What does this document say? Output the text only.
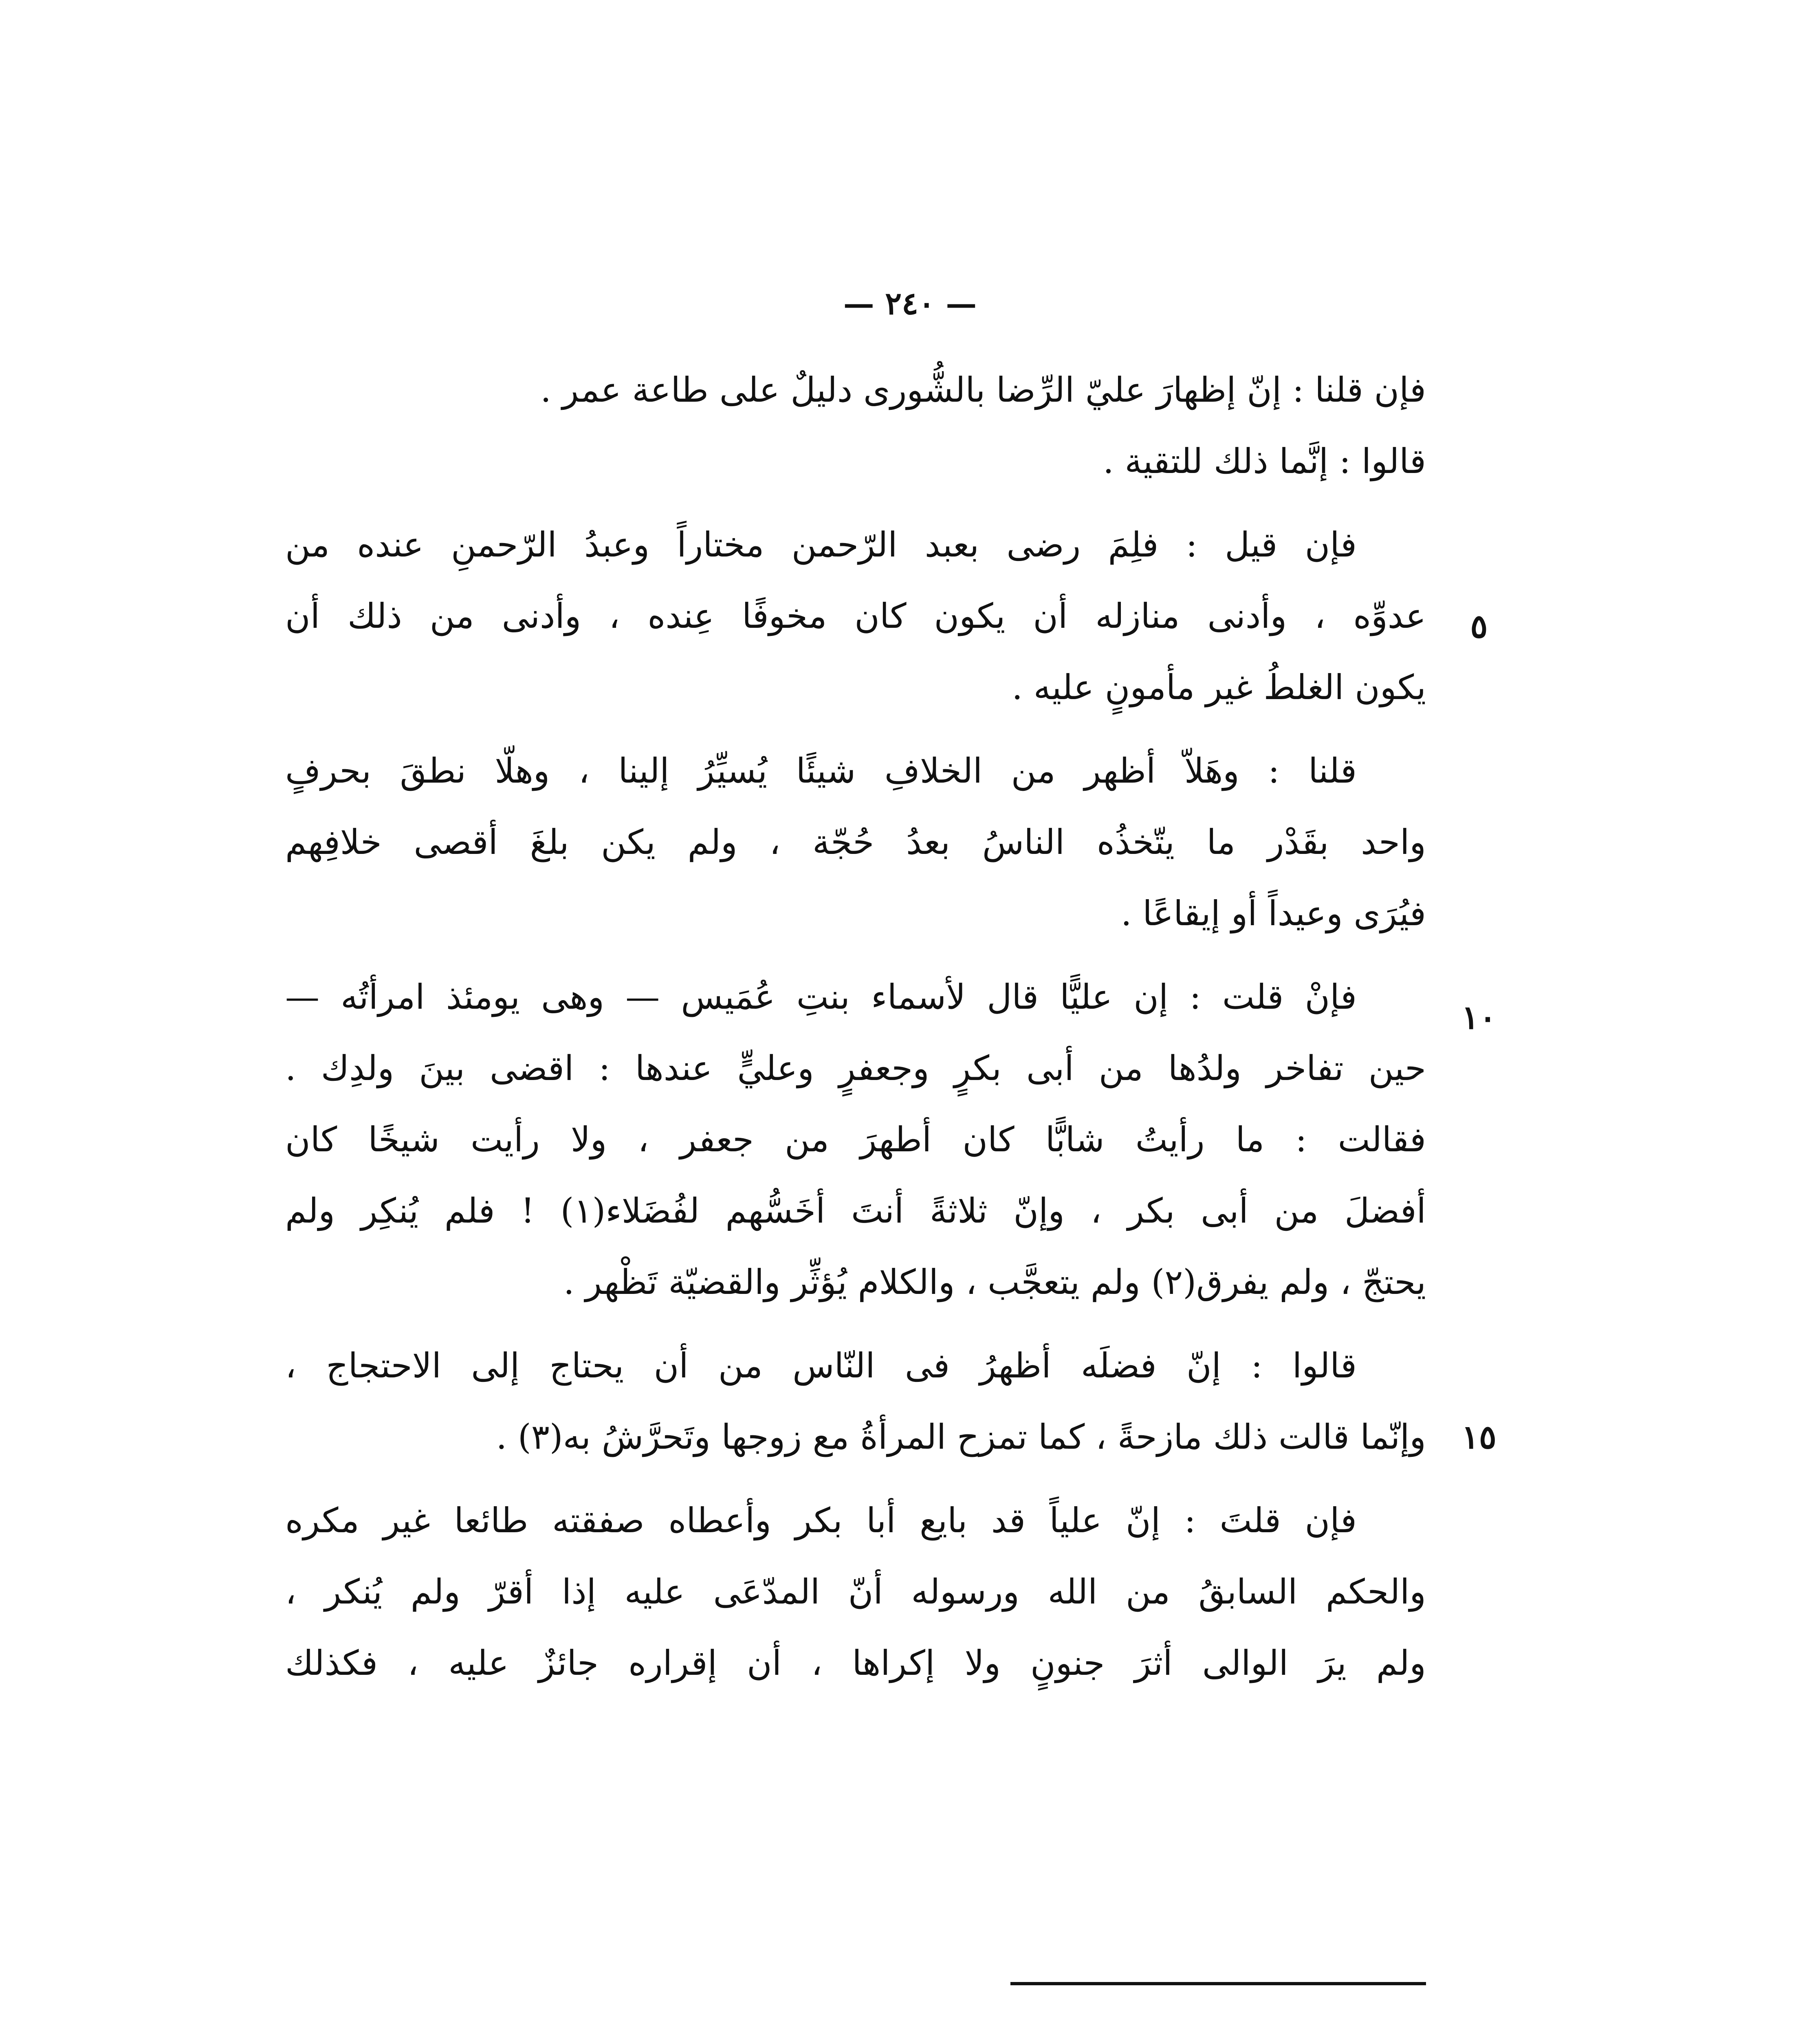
— ٢٤٠ —
٥
١٠
١٥
فإن قلنا : إنّ إظهارَ عليّ الرِّضا بالشُّورى دليلٌ على طاعة عمر .
قالوا : إنَّما ذلك للتقية .
فإن قيل : فلِمَ رضى بعبد الرّحمن مختاراً وعبدُ الرّحمنِ عنده من
عدوِّه ، وأدنى منازله أن يكون كان مخوفًا عِنده ، وأدنى من ذلك أن
يكون الغلطُ غير مأمونٍ عليه .
قلنا : وهَلاّ أظهر من الخلافِ شيئًا يُسيِّرُ إلينا ، وهلّا نطقَ بحرفٍ
واحد بقَدْر ما يتّخذُه الناسُ بعدُ حُجّة ، ولم يكن بلغَ أقصى خلافِهم
فيُرَى وعيداً أو إيقاعًا .
فإنْ قلت : إن عليًّا قال لأسماء بنتِ عُمَيس — وهى يومئذ امرأتُه —
حين تفاخر ولدُها من أبى بكرٍ وجعفرٍ وعليٍّ عندها : اقضى بينَ ولدِك .
فقالت : ما رأيتُ شابًّا كان أطهرَ من جعفر ، ولا رأيت شيخًا كان
أفضلَ من أبى بكر ، وإنّ ثلاثةً أنتَ أخَسُّهم لفُضَلاء(١) ! فلم يُنكِر ولم
يحتجّ ، ولم يفرق(٢) ولم يتعجَّب ، والكلام يُؤثِّر والقضيّة تَظْهر .
قالوا : إنّ فضلَه أظهرُ فى النّاس من أن يحتاج إلى الاحتجاج ،
وإنّما قالت ذلك مازحةً ، كما تمزح المرأةُ مع زوجها وتَحرَّشُ به(٣) .
فإن قلتَ : إنّ علياً قد بايع أبا بكر وأعطاه صفقته طائعا غير مكره
والحكم السابقُ من الله ورسوله أنّ المدّعَى عليه إذا أقرّ ولم يُنكر ،
ولم يرَ الوالى أثرَ جنونٍ ولا إكراها ، أن إقراره جائزٌ عليه ، فكذلك
